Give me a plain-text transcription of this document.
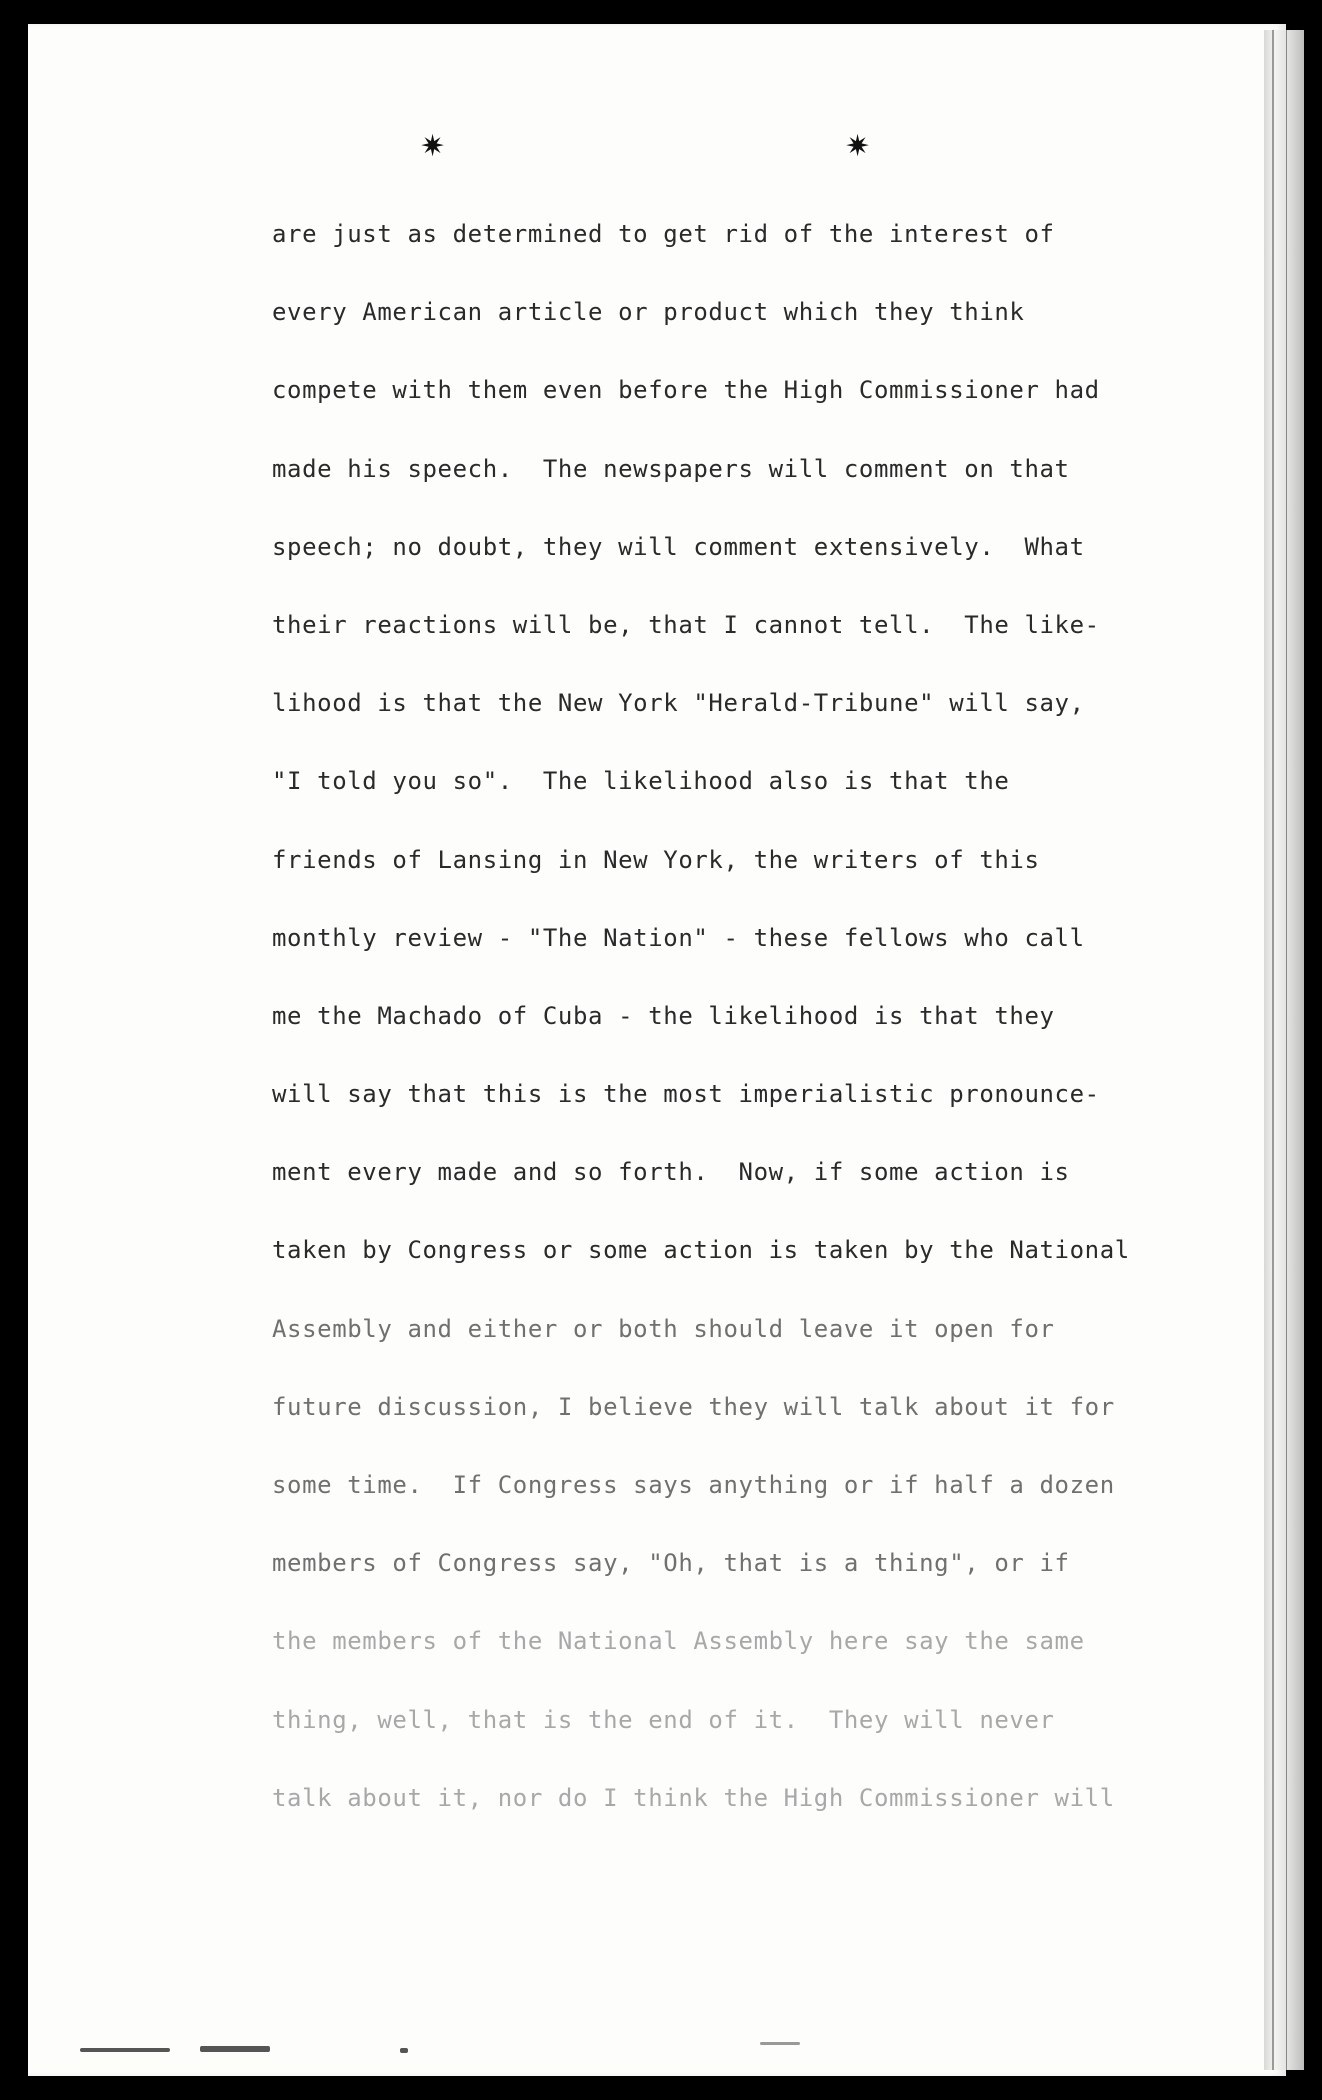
✷	✷
are just as determined to get rid of the interest of
every American article or product which they think
compete with them even before the High Commissioner had
made his speech.  The newspapers will comment on that
speech; no doubt, they will comment extensively.  What
their reactions will be, that I cannot tell.  The like-
lihood is that the New York "Herald-Tribune" will say,
"I told you so".  The likelihood also is that the
friends of Lansing in New York, the writers of this
monthly review - "The Nation" - these fellows who call
me the Machado of Cuba - the likelihood is that they
will say that this is the most imperialistic pronounce-
ment every made and so forth.  Now, if some action is
taken by Congress or some action is taken by the National
Assembly and either or both should leave it open for
future discussion, I believe they will talk about it for
some time.  If Congress says anything or if half a dozen
members of Congress say, "Oh, that is a thing", or if
the members of the National Assembly here say the same
thing, well, that is the end of it.  They will never
talk about it, nor do I think the High Commissioner will
